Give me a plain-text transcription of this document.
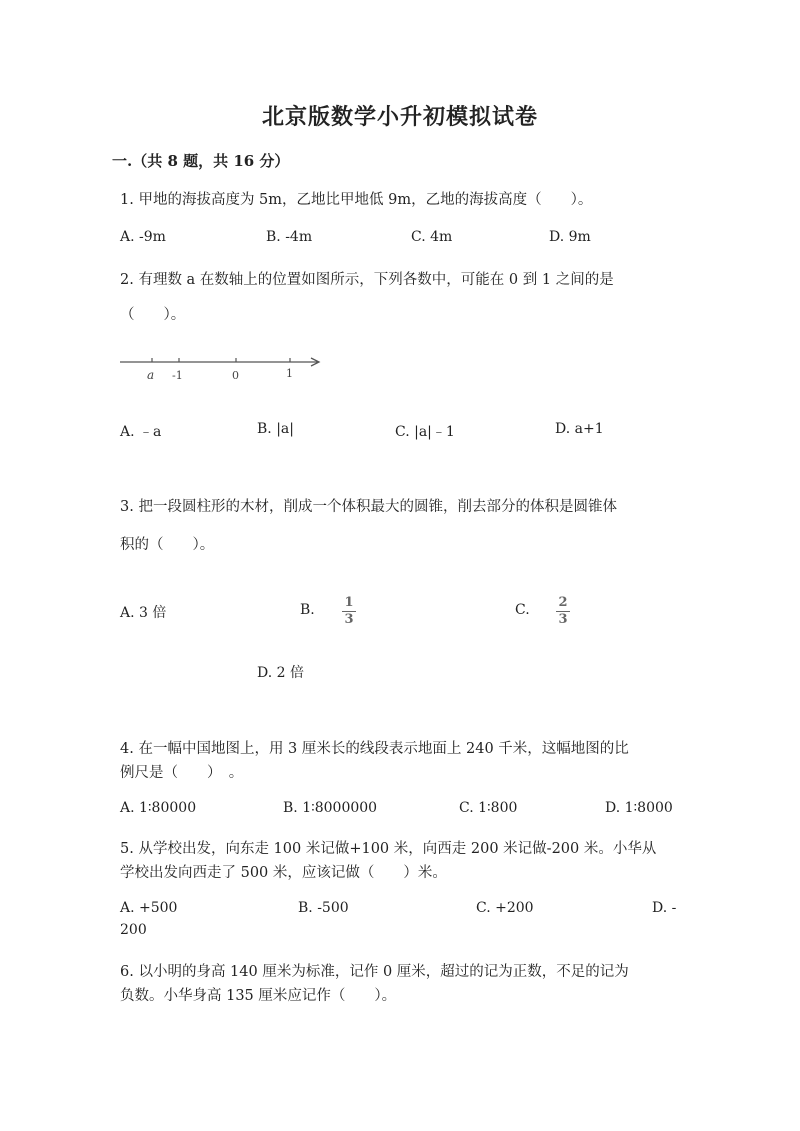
北京版数学小升初模拟试卷
一.（共 8 题，共 16 分）
1. 甲地的海拔高度为 5m，乙地比甲地低 9m，乙地的海拔高度（　　）。
A. -9m	B. -4m	C. 4m	D. 9m
2. 有理数 a 在数轴上的位置如图所示，下列各数中，可能在 0 到 1 之间的是
（　　）。
a -1	0	1
A. ﹣a	B. |a|	C. |a|﹣1	D. a+1
3. 把一段圆柱形的木材，削成一个体积最大的圆锥，削去部分的体积是圆锥体
积的（　　）。
A. 3 倍	B. 1
3
C. 2
3
D. 2 倍
4. 在一幅中国地图上，用 3 厘米长的线段表示地面上 240 千米，这幅地图的比
例尺是（　　）　。
A. 1∶80000	B. 1∶8000000	C. 1∶800	D. 1∶8000
5. 从学校出发，向东走 100 米记做+100 米，向西走 200 米记做-200 米。小华从
学校出发向西走了 500 米，应该记做（　　）米。
A. +500	B. -500	C. +200	D. -
200
6. 以小明的身高 140 厘米为标准，记作 0 厘米，超过的记为正数，不足的记为
负数。小华身高 135 厘米应记作（　　）。
